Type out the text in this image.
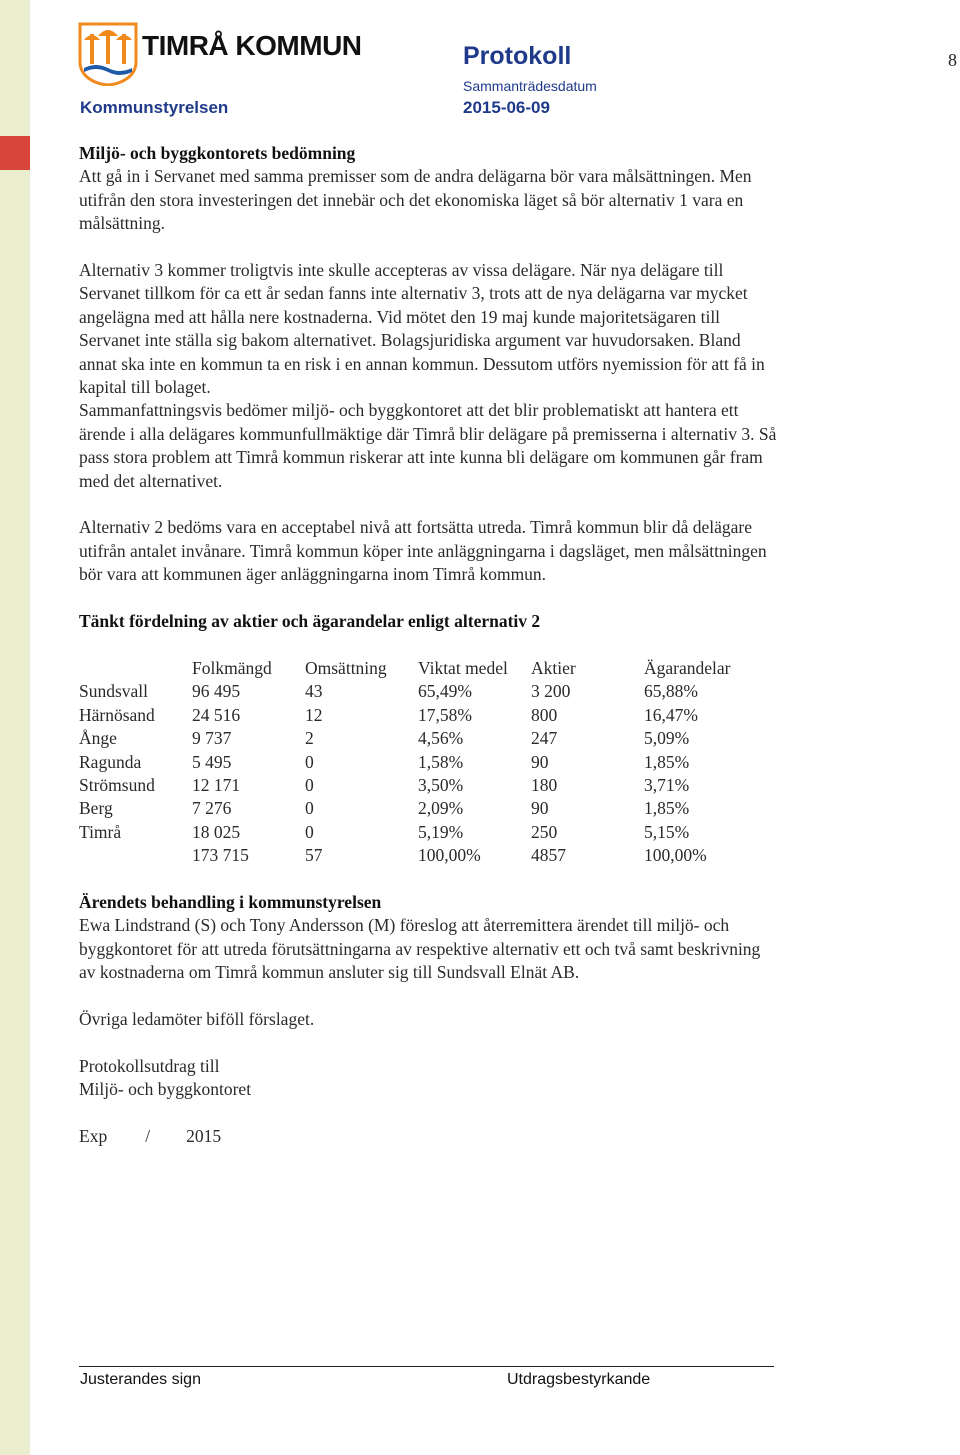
TIMRÅ KOMMUN	Protokoll	8
Sammanträdesdatum
Kommunstyrelsen	2015-06-09

Miljö- och byggkontorets bedömning

Att gå in i Servanet med samma premisser som de andra delägarna bör vara målsättningen. Men utifrån den stora investeringen det innebär och det ekonomiska läget så bör alternativ 1 vara en målsättning.

Alternativ 3 kommer troligtvis inte skulle accepteras av vissa delägare. När nya delägare till Servanet tillkom för ca ett år sedan fanns inte alternativ 3, trots att de nya delägarna var mycket angelägna med att hålla nere kostnaderna. Vid mötet den 19 maj kunde majoritetsägaren till Servanet inte ställa sig bakom alternativet. Bolagsjuridiska argument var huvudorsaken. Bland annat ska inte en kommun ta en risk i en annan kommun. Dessutom utförs nyemission för att få in kapital till bolaget.

Sammanfattningsvis bedömer miljö- och byggkontoret att det blir problematiskt att hantera ett ärende i alla delägares kommunfullmäktige där Timrå blir delägare på premisserna i alternativ 3. Så pass stora problem att Timrå kommun riskerar att inte kunna bli delägare om kommunen går fram med det alternativet.

Alternativ 2 bedöms vara en acceptabel nivå att fortsätta utreda. Timrå kommun blir då delägare utifrån antalet invånare. Timrå kommun köper inte anläggningarna i dagsläget, men målsättningen bör vara att kommunen äger anläggningarna inom Timrå kommun.

Tänkt fördelning av aktier och ägarandelar enligt alternativ 2

	Folkmängd	Omsättning	Viktat medel	Aktier	Ägarandelar
Sundsvall	96 495	43	65,49%	3 200	65,88%
Härnösand	24 516	12	17,58%	800	16,47%
Ånge	9 737	2	4,56%	247	5,09%
Ragunda	5 495	0	1,58%	90	1,85%
Strömsund	12 171	0	3,50%	180	3,71%
Berg	7 276	0	2,09%	90	1,85%
Timrå	18 025	0	5,19%	250	5,15%
	173 715	57	100,00%	4857	100,00%

Ärendets behandling i kommunstyrelsen

Ewa Lindstrand (S) och Tony Andersson (M) föreslog att återremittera ärendet till miljö- och byggkontoret för att utreda förutsättningarna av respektive alternativ ett och två samt beskrivning av kostnaderna om Timrå kommun ansluter sig till Sundsvall Elnät AB.

Övriga ledamöter biföll förslaget.

Protokollsutdrag till

Miljö- och byggkontoret

Exp / 2015

Justerandes sign	Utdragsbestyrkande
